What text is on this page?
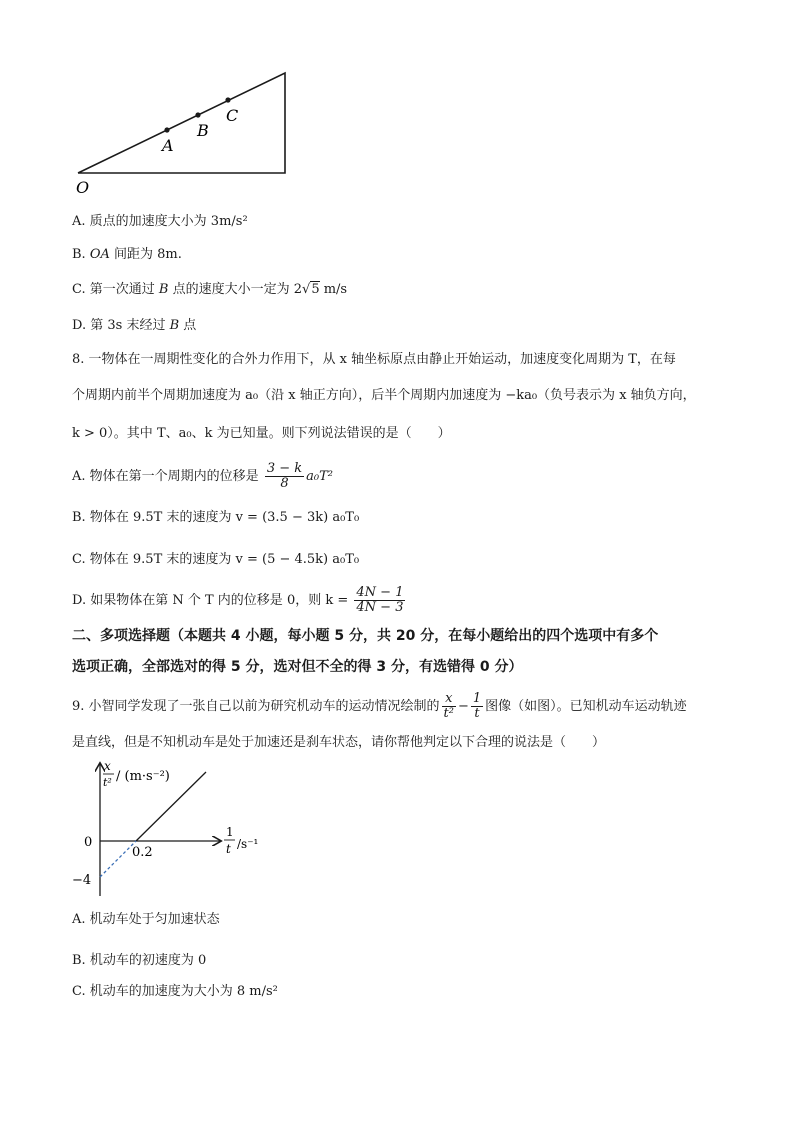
O
A
B
C
A. 质点的加速度大小为 3m/s²
B. OA 间距为 8m.
C. 第一次通过 B 点的速度大小一定为 2√5 m/s
D. 第 3s 末经过 B 点
8. 一物体在一周期性变化的合外力作用下，从 x 轴坐标原点由静止开始运动，加速度变化周期为 T，在每
个周期内前半个周期加速度为 a₀（沿 x 轴正方向），后半个周期内加速度为 −ka₀（负号表示为 x 轴负方向，
k > 0）。其中 T、a₀、k 为已知量。则下列说法错误的是（　　）
A. 物体在第一个周期内的位移是 $\frac{3 - k}{8} a_0T^2$
B. 物体在 9.5T 末的速度为 v = (3.5 − 3k) a₀T₀
C. 物体在 9.5T 末的速度为 v = (5 − 4.5k) a₀T₀
D. 如果物体在第 N 个 T 内的位移是 0，则 $k = \frac{4N - 1}{4N - 3}$
二、多项选择题（本题共 4 小题，每小题 5 分，共 20 分，在每小题给出的四个选项中有多个
选项正确，全部选对的得 5 分，选对但不全的得 3 分，有选错得 0 分）
9. 小智同学发现了一张自己以前为研究机动车的运动情况绘制的 $\frac{x}{\text{t²}} - \frac{1}{t}$ 图像（如图）。已知机动车运动轨迹
是直线，但是不知机动车是处于加速还是刹车状态，请你帮他判定以下合理的说法是（　　）
x
t² / (m·s⁻²)
1
t /s⁻¹
0
0.2
−4
A. 机动车处于匀加速状态
B. 机动车的初速度为 0
C. 机动车的加速度为大小为 8 m/s²
